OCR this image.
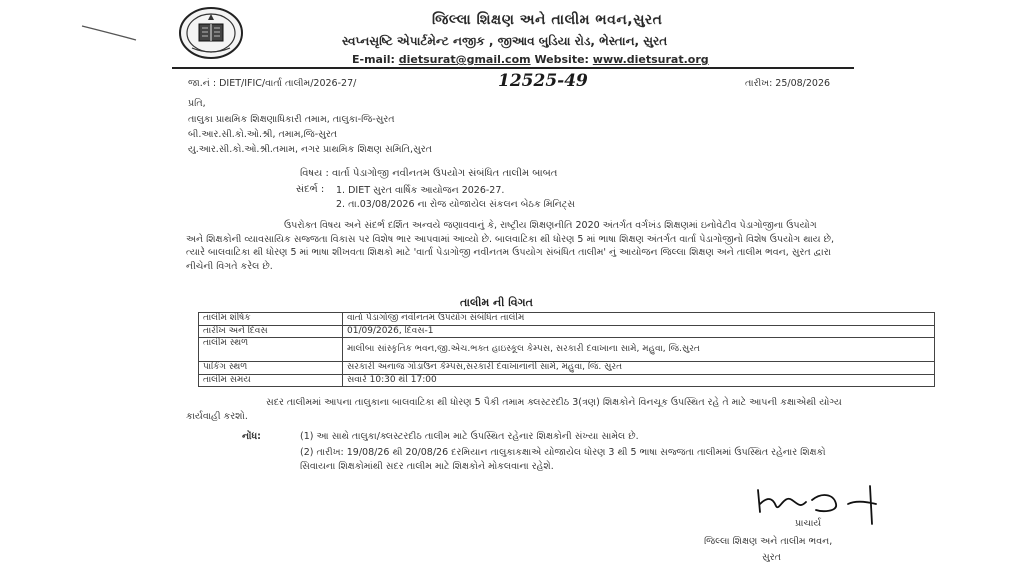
જિલ્લા શિક્ષણ અને તાલીમ ભવન,સુરત
સ્વપ્નસૃષ્ટિ એપાર્ટમેન્ટ નજીક , જીઆવ બુડિયા રોડ, ભેસ્તાન, સુરત
E-mail: dietsurat@gmail.com Website: www.dietsurat.org
જા.નં : DIET/IFIC/વાર્તા તાલીમ/2026-27/	12525-49	તારીખ: 25/08/2026
પ્રતિ,
તાલુકા પ્રાથમિક શિક્ષણાધિકારી તમામ, તાલુકા-જિ-સુરત
બી.આર.સી.કો.ઓ.શ્રી, તમામ,જિ-સુરત
યુ.આર.સી.કો.ઓ.શ્રી.તમામ, નગર પ્રાથમિક શિક્ષણ સમિતિ,સુરત
વિષય : વાર્તા પેડાગોજી નવીનતમ ઉપયોગ સંબંધિત તાલીમ બાબત
સંદર્ભ : 1. DIET સુરત વાર્ષિક આયોજન 2026-27.
2. તા.03/08/2026 ના રોજ યોજાયેલ સંકલન બેઠક મિનિટ્સ
ઉપરોક્ત વિષય અને સંદર્ભ દર્શિત અન્વયે જણાવવાનું કે, રાષ્ટ્રીય શિક્ષણનીતિ 2020 અંતર્ગત વર્ગખંડ શિક્ષણમાં ઇનોવેટીવ પેડાગોજીના ઉપયોગ અને શિક્ષકોની વ્યાવસાયિક સજ્જતા વિકાસ પર વિશેષ ભાર આપવામાં આવ્યો છે. બાલવાટિકા થી ધોરણ 5 માં ભાષા શિક્ષણ અંતર્ગત વાર્તા પેડાગોજીનો વિશેષ ઉપયોગ થાય છે, ત્યારે બાલવાટિકા થી ધોરણ 5 માં ભાષા શીખવતા શિક્ષકો માટે 'વાર્તા પેડાગોજી નવીનતમ ઉપયોગ સંબંધિત તાલીમ' નું આયોજન જિલ્લા શિક્ષણ અને તાલીમ ભવન, સુરત દ્વારા નીચેની વિગતે કરેલ છે.
તાલીમ ની વિગત
તાલીમ શીર્ષક	વાર્તા પેડાગોજી નવીનતમ ઉપયોગ સંબંધિત તાલીમ
તારીખ અને દિવસ	01/09/2026, દિવસ-1
તાલીમ સ્થળ	માલીબા સાંસ્કૃતિક ભવન,જી.એચ.ભક્ત હાઇસ્કૂલ કેમ્પસ, સરકારી દવાખાના સામે, મહુવા, જિ.સુરત
પાર્કિંગ સ્થળ	સરકારી અનાજ ગોડાઉન કેમ્પસ,સરકારી દવાખાનાની સામે, મહુવા, જિ. સુરત
તાલીમ સમય	સવારે 10:30 થી 17:00
સદર તાલીમમાં આપના તાલુકાના બાલવાટિકા થી ધોરણ 5 પૈકી તમામ ક્લસ્ટરદીઠ 3(ત્રણ) શિક્ષકોને વિનચૂક ઉપસ્થિત રહે તે માટે આપની કક્ષાએથી યોગ્ય કાર્યવાહી કરશો.
નોંધ:	(1) આ સાથે તાલુકા/ક્લસ્ટરદીઠ તાલીમ માટે ઉપસ્થિત રહેનાર શિક્ષકોની સંખ્યા સામેલ છે.
(2) તારીખ: 19/08/26 થી 20/08/26 દરમિયાન તાલુકાકક્ષાએ યોજાયેલ ધોરણ 3 થી 5 ભાષા સજ્જતા તાલીમમાં ઉપસ્થિત રહેનાર શિક્ષકો સિવાયના શિક્ષકોમાંથી સદર તાલીમ માટે શિક્ષકોને મોકલવાના રહેશે.
પ્રાચાર્ય
જિલ્લા શિક્ષણ અને તાલીમ ભવન,
સુરત
